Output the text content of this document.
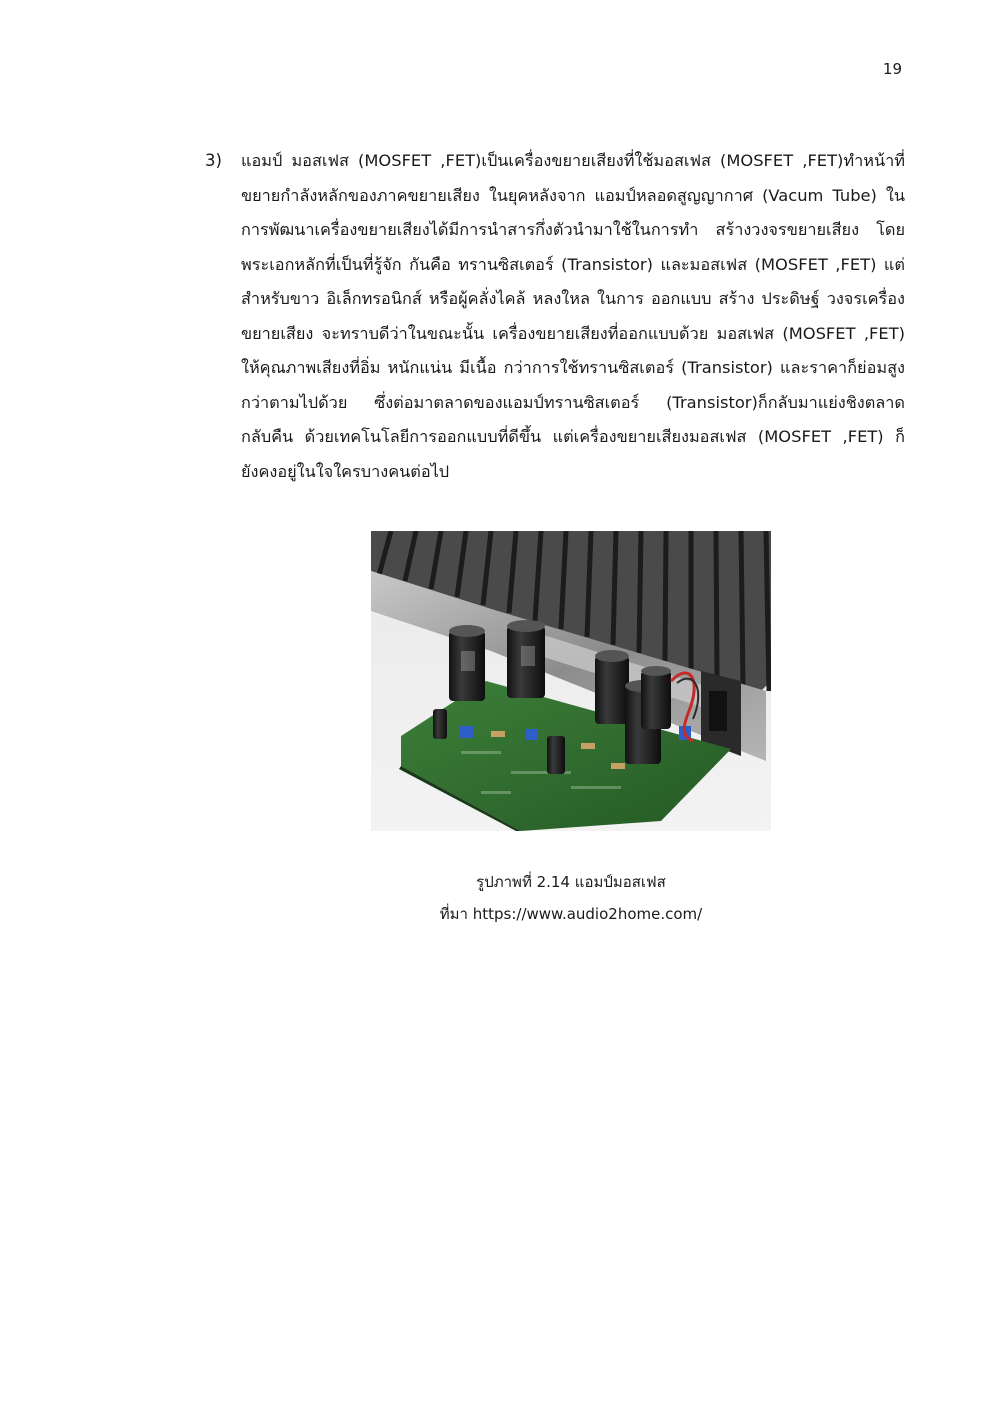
19
3) แอมป์ มอสเฟส (MOSFET ,FET)เป็นเครื่องขยายเสียงที่ใช้มอสเฟส (MOSFET ,FET)ทำหน้าที่
ขยายกำลังหลักของภาคขยายเสียง ในยุคหลังจาก แอมป์หลอดสูญญากาศ (Vacum Tube) ใน
การพัฒนาเครื่องขยายเสียงได้มีการนำสารกึ่งตัวนำมาใช้ในการทำ สร้างวงจรขยายเสียง โดย
พระเอกหลักที่เป็นที่รู้จัก กันคือ ทรานซิสเตอร์ (Transistor) และมอสเฟส (MOSFET ,FET) แต่
สำหรับขาว อิเล็กทรอนิกส์ หรือผู้คลั่งไคล้ หลงใหล ในการ ออกแบบ สร้าง ประดิษฐ์ วงจรเครื่อง
ขยายเสียง จะทราบดีว่าในขณะนั้น เครื่องขยายเสียงที่ออกแบบด้วย มอสเฟส (MOSFET ,FET)
ให้คุณภาพเสียงที่อิ่ม หนักแน่น มีเนื้อ กว่าการใช้ทรานซิสเตอร์ (Transistor) และราคาก็ย่อมสูง
กว่าตามไปด้วย ซึ่งต่อมาตลาดของแอมป์ทรานซิสเตอร์ (Transistor)ก็กลับมาแย่งชิงตลาด
กลับคืน ด้วยเทคโนโลยีการออกแบบที่ดีขึ้น แต่เครื่องขยายเสียงมอสเฟส (MOSFET ,FET) ก็
ยังคงอยู่ในใจใครบางคนต่อไป
รูปภาพที่ 2.14 แอมป์มอสเฟส
ที่มา https://www.audio2home.com/
